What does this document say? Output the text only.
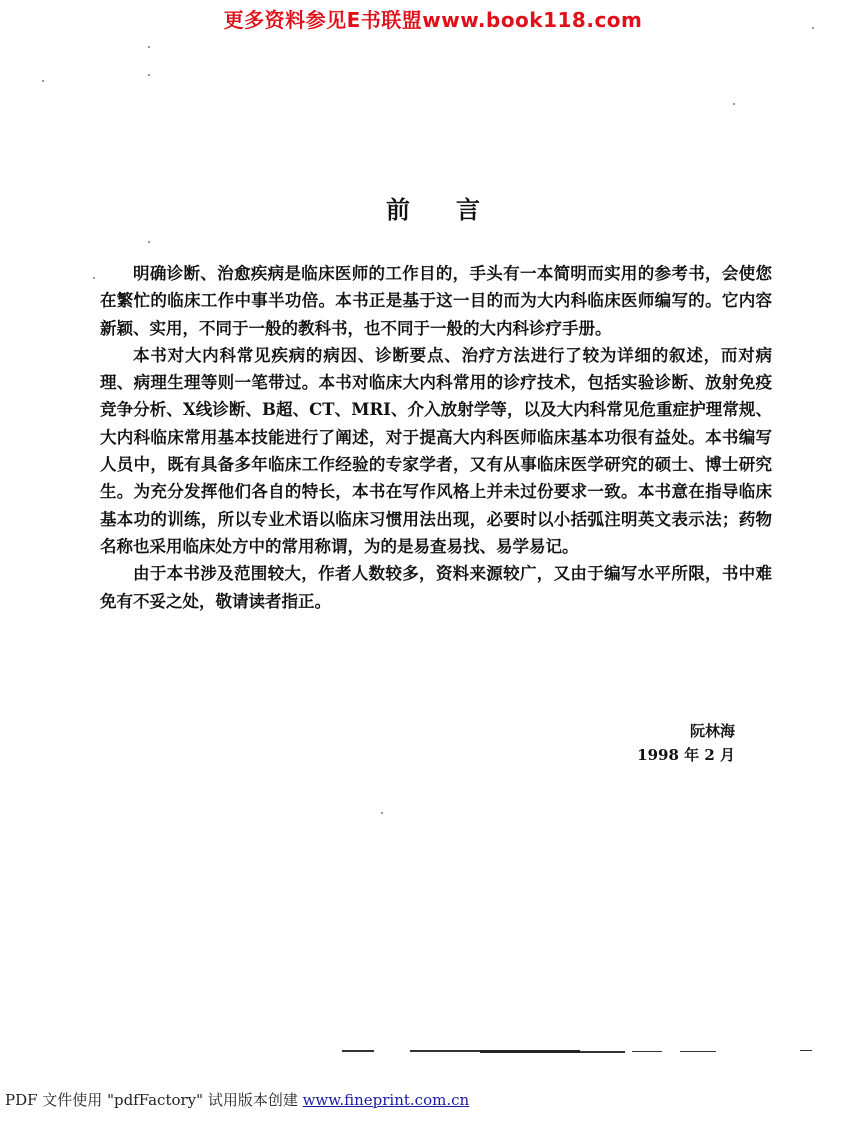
更多资料参见E书联盟www.book118.com
前言

明确诊断、治愈疾病是临床医师的工作目的，手头有一本简明而实用的参考书，会使您在繁忙的临床工作中事半功倍。本书正是基于这一目的而为大内科临床医师编写的。它内容新颖、实用，不同于一般的教科书，也不同于一般的大内科诊疗手册。

本书对大内科常见疾病的病因、诊断要点、治疗方法进行了较为详细的叙述，而对病理、病理生理等则一笔带过。本书对临床大内科常用的诊疗技术，包括实验诊断、放射免疫竞争分析、X线诊断、B超、CT、MRI、介入放射学等，以及大内科常见危重症护理常规、大内科临床常用基本技能进行了阐述，对于提高大内科医师临床基本功很有益处。本书编写人员中，既有具备多年临床工作经验的专家学者，又有从事临床医学研究的硕士、博士研究生。为充分发挥他们各自的特长，本书在写作风格上并未过份要求一致。本书意在指导临床基本功的训练，所以专业术语以临床习惯用法出现，必要时以小括弧注明英文表示法；药物名称也采用临床处方中的常用称谓，为的是易查易找、易学易记。

由于本书涉及范围较大，作者人数较多，资料来源较广，又由于编写水平所限，书中难免有不妥之处，敬请读者指正。

阮林海
1998 年 2 月
PDF 文件使用 "pdfFactory" 试用版本创建 www.fineprint.com.cn
